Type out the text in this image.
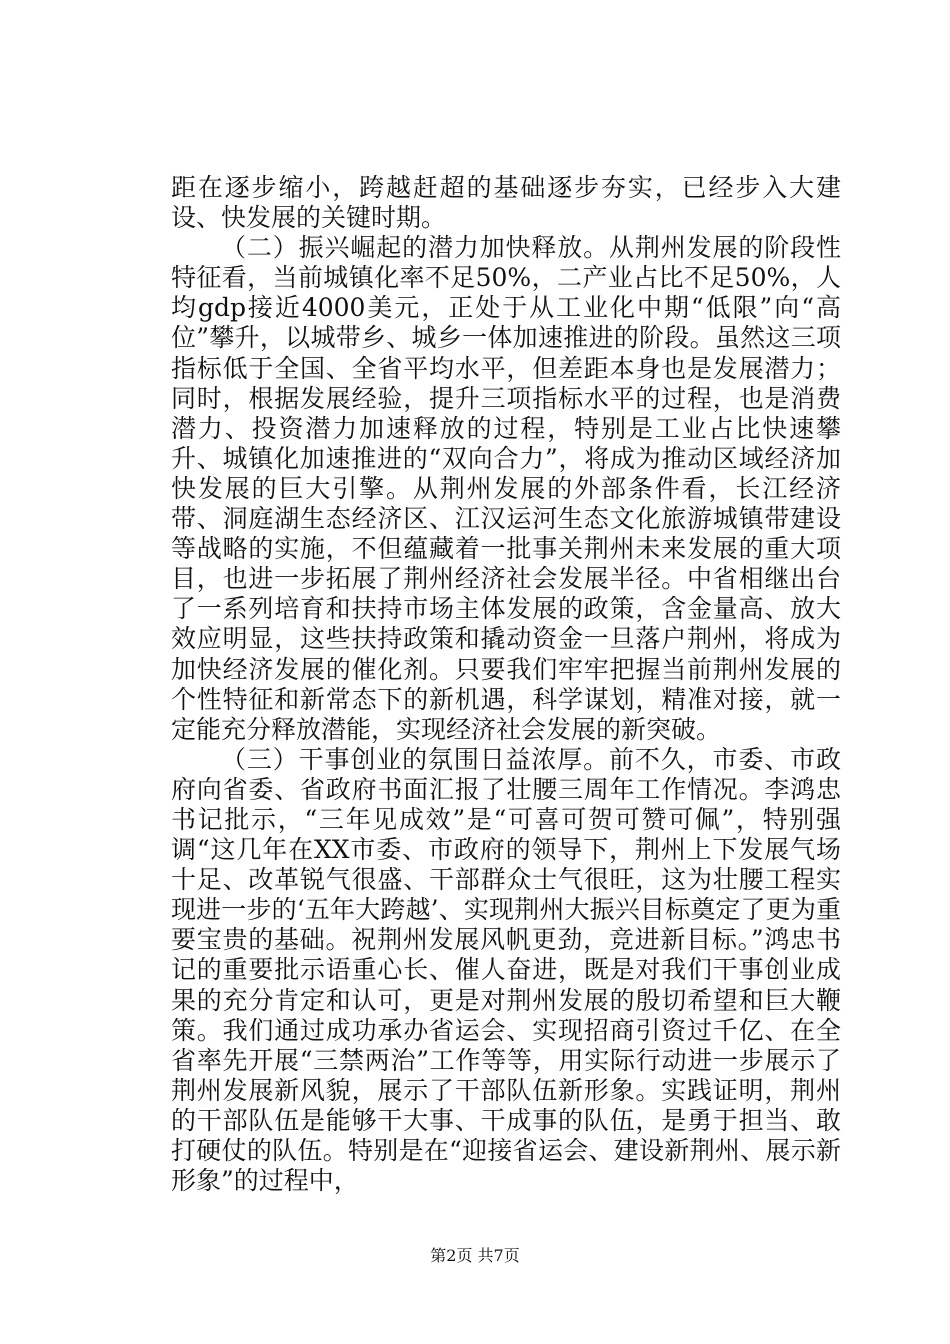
距在逐步缩小，跨越赶超的基础逐步夯实，已经步入大建设、快发展的关键时期。

（二）振兴崛起的潜力加快释放。从荆州发展的阶段性特征看，当前城镇化率不足50%，二产业占比不足50%，人均gdp接近4000美元，正处于从工业化中期“低限”向“高位”攀升，以城带乡、城乡一体加速推进的阶段。虽然这三项指标低于全国、全省平均水平，但差距本身也是发展潜力；同时，根据发展经验，提升三项指标水平的过程，也是消费潜力、投资潜力加速释放的过程，特别是工业占比快速攀升、城镇化加速推进的“双向合力”，将成为推动区域经济加快发展的巨大引擎。从荆州发展的外部条件看，长江经济带、洞庭湖生态经济区、江汉运河生态文化旅游城镇带建设等战略的实施，不但蕴藏着一批事关荆州未来发展的重大项目，也进一步拓展了荆州经济社会发展半径。中省相继出台了一系列培育和扶持市场主体发展的政策，含金量高、放大效应明显，这些扶持政策和撬动资金一旦落户荆州，将成为加快经济发展的催化剂。只要我们牢牢把握当前荆州发展的个性特征和新常态下的新机遇，科学谋划，精准对接，就一定能充分释放潜能，实现经济社会发展的新突破。

（三）干事创业的氛围日益浓厚。前不久，市委、市政府向省委、省政府书面汇报了壮腰三周年工作情况。李鸿忠书记批示，“三年见成效”是“可喜可贺可赞可佩”，特别强调“这几年在XX市委、市政府的领导下，荆州上下发展气场十足、改革锐气很盛、干部群众士气很旺，这为壮腰工程实现进一步的‘五年大跨越’、实现荆州大振兴目标奠定了更为重要宝贵的基础。祝荆州发展风帆更劲，竞进新目标。”鸿忠书记的重要批示语重心长、催人奋进，既是对我们干事创业成果的充分肯定和认可，更是对荆州发展的殷切希望和巨大鞭策。我们通过成功承办省运会、实现招商引资过千亿、在全省率先开展“三禁两治”工作等等，用实际行动进一步展示了荆州发展新风貌，展示了干部队伍新形象。实践证明，荆州的干部队伍是能够干大事、干成事的队伍，是勇于担当、敢打硬仗的队伍。特别是在“迎接省运会、建设新荆州、展示新形象”的过程中，

第2页 共7页
